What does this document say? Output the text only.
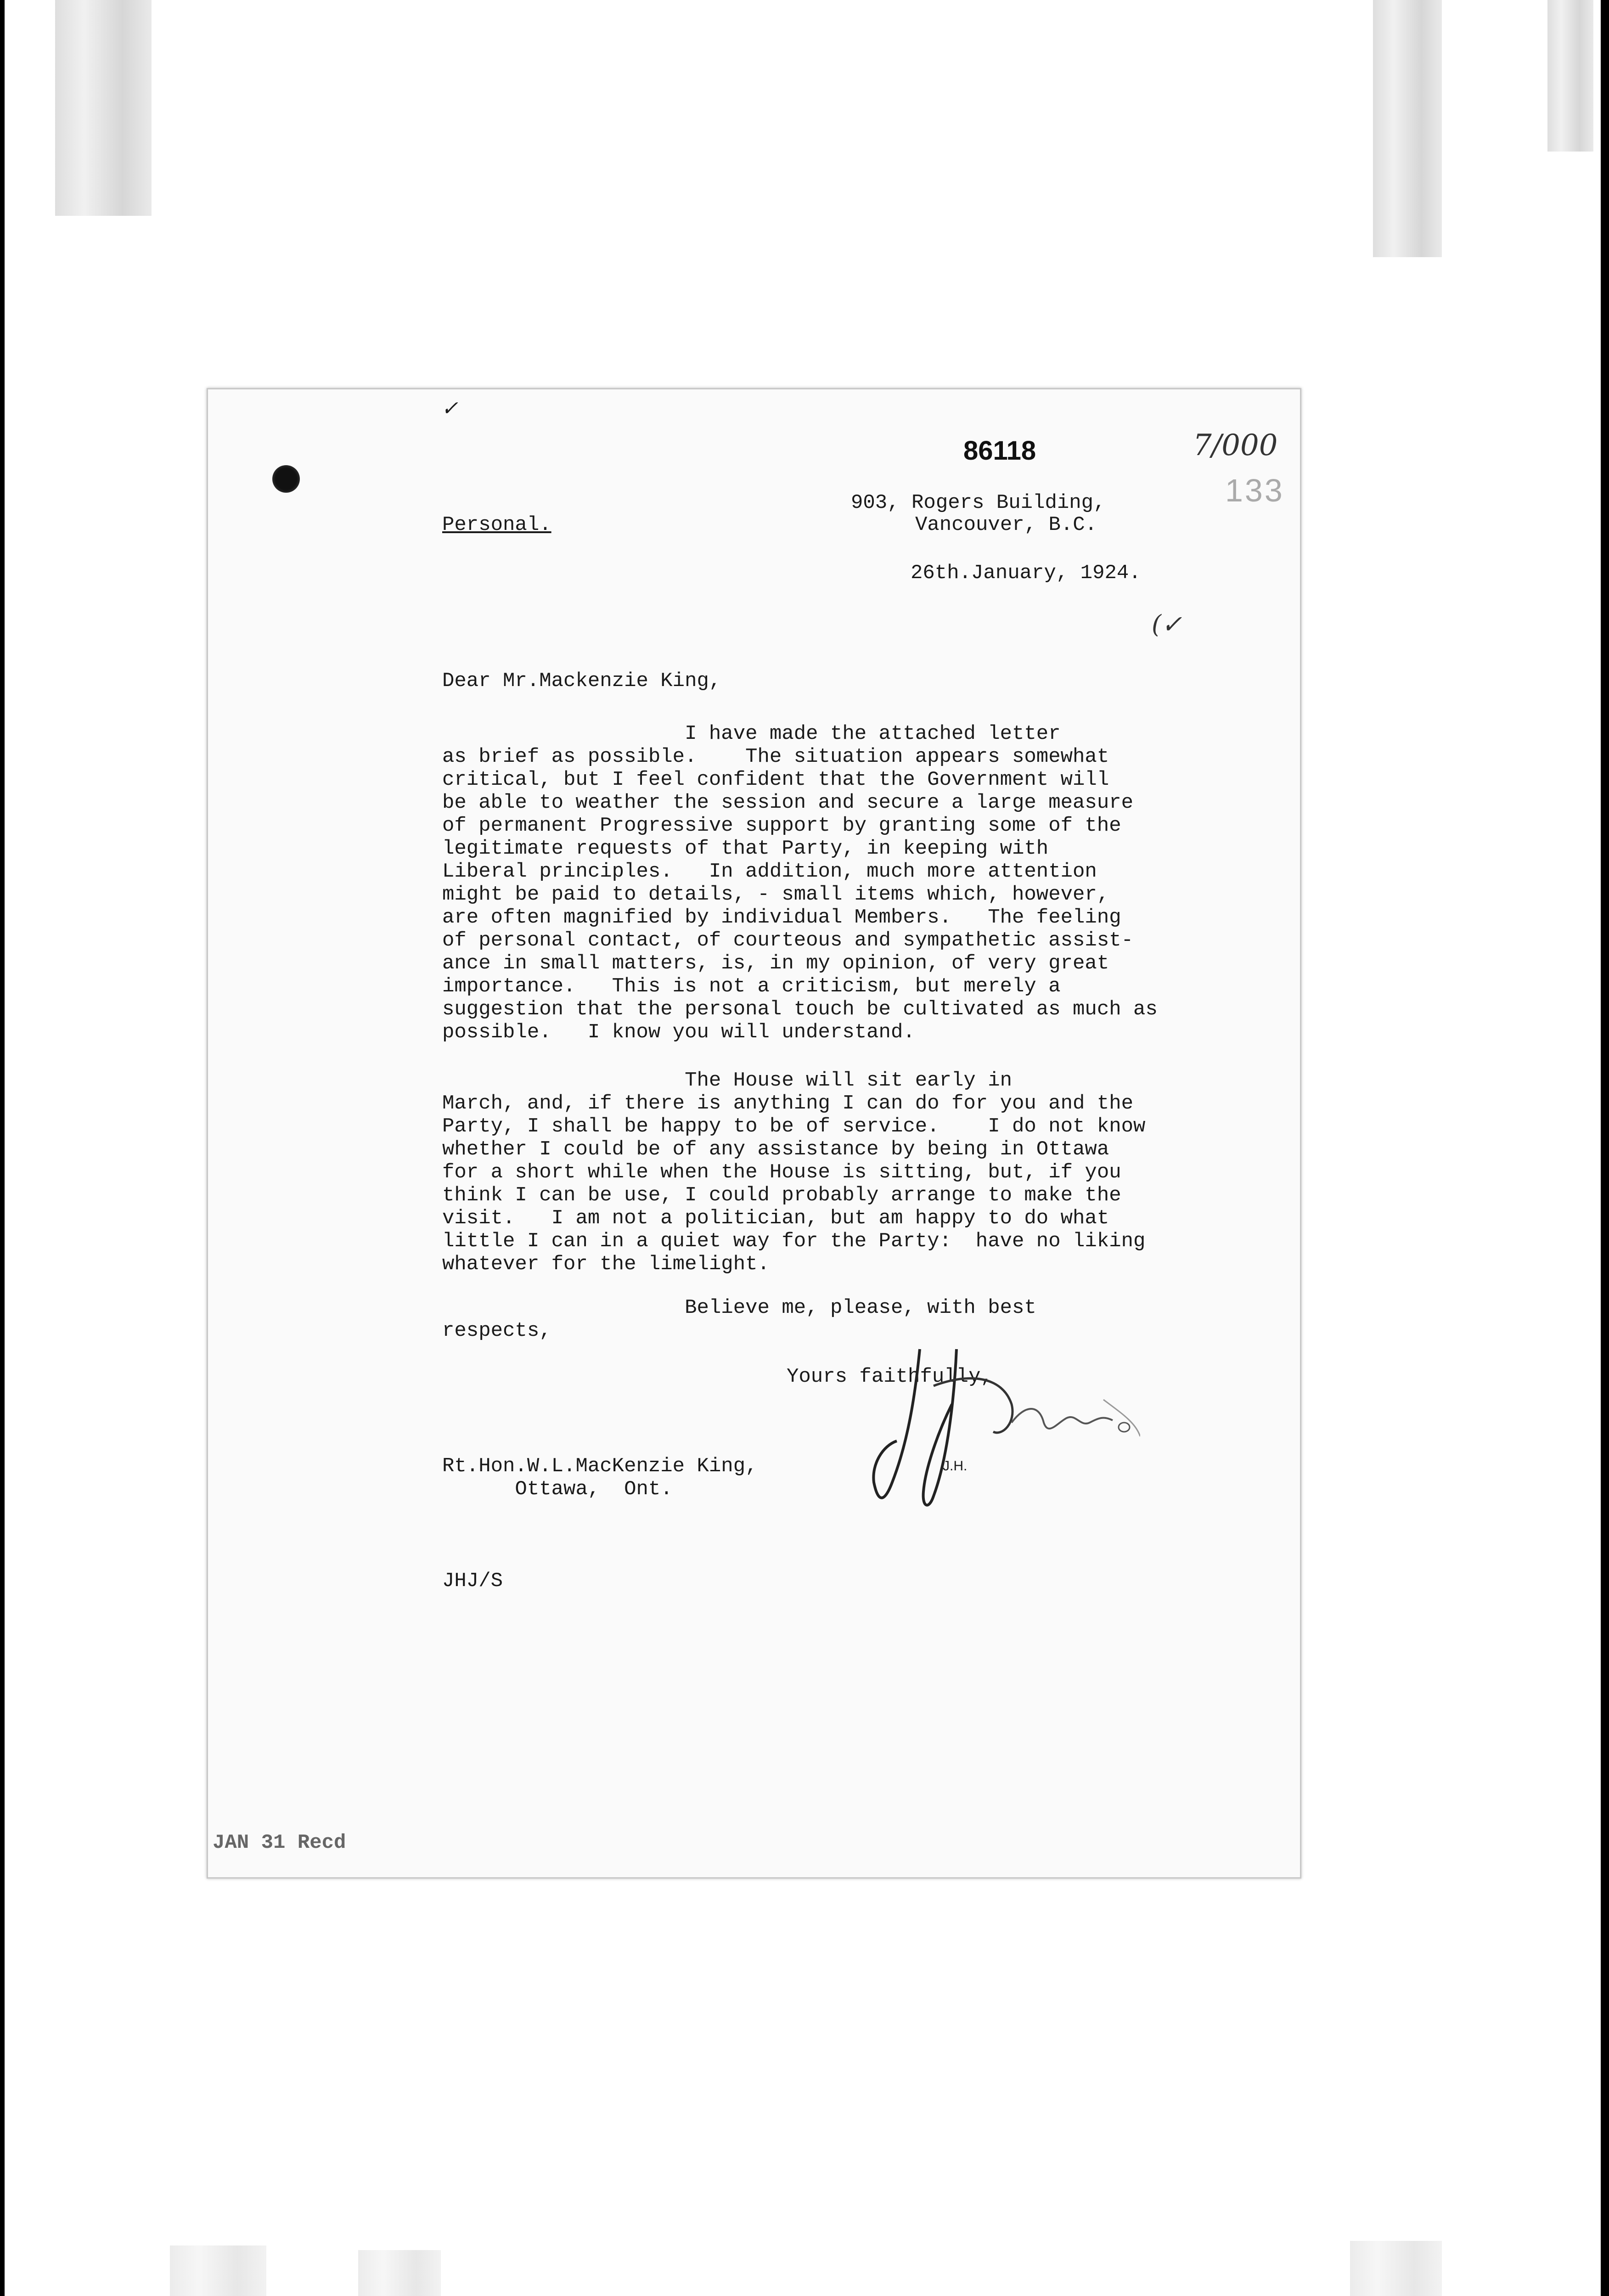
✓
86118	7/000
133
903, Rogers Building,
Personal.	Vancouver, B.C.
26th.January, 1924.
(✓
Dear Mr.Mackenzie King,
I have made the attached letter
as brief as possible.    The situation appears somewhat
critical, but I feel confident that the Government will
be able to weather the session and secure a large measure
of permanent Progressive support by granting some of the
legitimate requests of that Party, in keeping with
Liberal principles.   In addition, much more attention
might be paid to details, - small items which, however,
are often magnified by individual Members.   The feeling
of personal contact, of courteous and sympathetic assist-
ance in small matters, is, in my opinion, of very great
importance.   This is not a criticism, but merely a
suggestion that the personal touch be cultivated as much as
possible.   I know you will understand.
The House will sit early in
March, and, if there is anything I can do for you and the
Party, I shall be happy to be of service.    I do not know
whether I could be of any assistance by being in Ottawa
for a short while when the House is sitting, but, if you
think I can be use, I could probably arrange to make the
visit.   I am not a politician, but am happy to do what
little I can in a quiet way for the Party:  have no liking
whatever for the limelight.
Believe me, please, with best
respects,
Yours faithfully,
J.H.
Rt.Hon.W.L.MacKenzie King,
Ottawa,  Ont.
JHJ/S
JAN 31 Recd
